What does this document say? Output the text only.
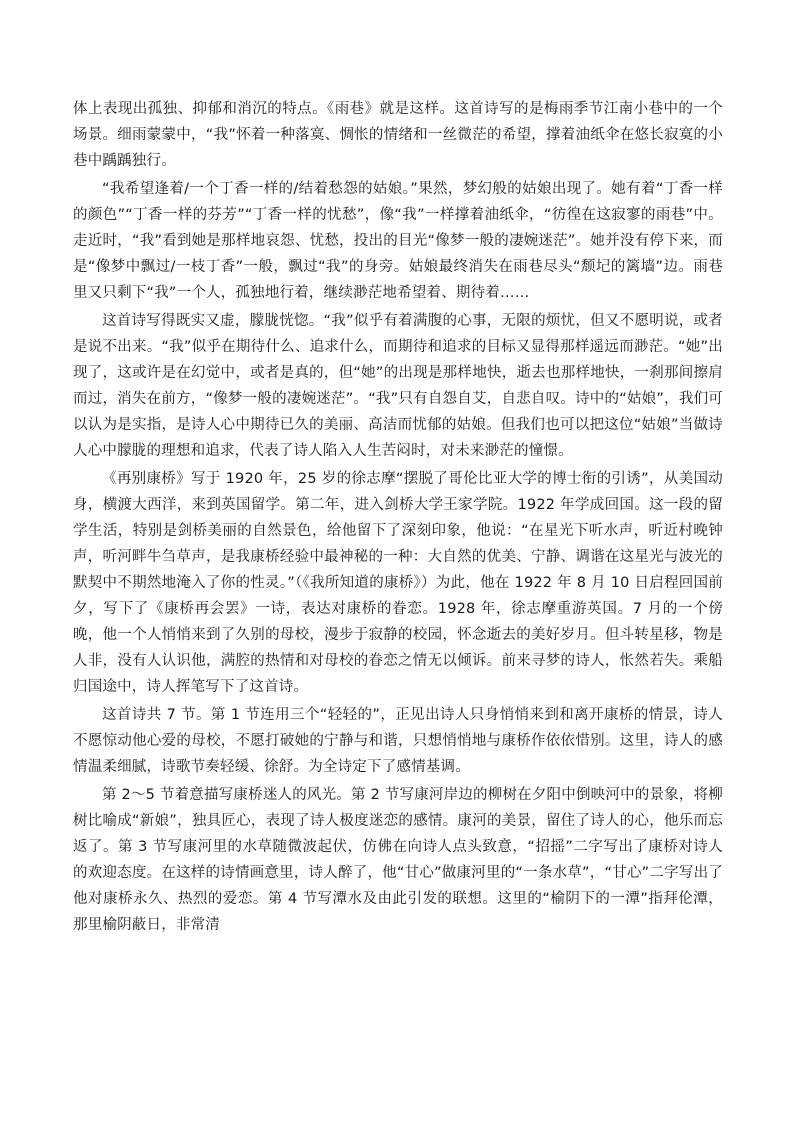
体上表现出孤独、抑郁和消沉的特点。《雨巷》就是这样。这首诗写的是梅雨季节江南小巷中的一个场景。细雨蒙蒙中，“我”怀着一种落寞、惆怅的情绪和一丝微茫的希望，撑着油纸伞在悠长寂寞的小巷中踽踽独行。

“我希望逢着/一个丁香一样的/结着愁怨的姑娘。”果然，梦幻般的姑娘出现了。她有着“丁香一样的颜色”“丁香一样的芬芳”“丁香一样的忧愁”，像“我”一样撑着油纸伞，“彷徨在这寂寥的雨巷”中。走近时，“我”看到她是那样地哀怨、忧愁，投出的目光“像梦一般的凄婉迷茫”。她并没有停下来，而是“像梦中飘过/一枝丁香”一般，飘过“我”的身旁。姑娘最终消失在雨巷尽头“颓圮的篱墙”边。雨巷里又只剩下“我”一个人，孤独地行着，继续渺茫地希望着、期待着……

这首诗写得既实又虚，朦胧恍惚。“我”似乎有着满腹的心事，无限的烦忧，但又不愿明说，或者是说不出来。“我”似乎在期待什么、追求什么，而期待和追求的目标又显得那样遥远而渺茫。“她”出现了，这或许是在幻觉中，或者是真的，但“她”的出现是那样地快，逝去也那样地快，一刹那间擦肩而过，消失在前方，“像梦一般的凄婉迷茫”。“我”只有自怨自艾，自悲自叹。诗中的“姑娘”，我们可以认为是实指，是诗人心中期待已久的美丽、高洁而忧郁的姑娘。但我们也可以把这位“姑娘”当做诗人心中朦胧的理想和追求，代表了诗人陷入人生苦闷时，对未来渺茫的憧憬。

《再别康桥》写于 1920 年，25 岁的徐志摩“摆脱了哥伦比亚大学的博士衔的引诱”，从美国动身，横渡大西洋，来到英国留学。第二年，进入剑桥大学王家学院。1922 年学成回国。这一段的留学生活，特别是剑桥美丽的自然景色，给他留下了深刻印象，他说：“在星光下听水声，听近村晚钟声，听河畔牛刍草声，是我康桥经验中最神秘的一种：大自然的优美、宁静、调谐在这星光与波光的默契中不期然地淹入了你的性灵。”（《我所知道的康桥》）为此，他在 1922 年 8 月 10 日启程回国前夕，写下了《康桥再会罢》一诗，表达对康桥的眷恋。1928 年，徐志摩重游英国。7 月的一个傍晚，他一个人悄悄来到了久别的母校，漫步于寂静的校园，怀念逝去的美好岁月。但斗转星移，物是人非，没有人认识他，满腔的热情和对母校的眷恋之情无以倾诉。前来寻梦的诗人，怅然若失。乘船归国途中，诗人挥笔写下了这首诗。

这首诗共 7 节。第 1 节连用三个“轻轻的”，正见出诗人只身悄悄来到和离开康桥的情景，诗人不愿惊动他心爱的母校，不愿打破她的宁静与和谐，只想悄悄地与康桥作依依惜别。这里，诗人的感情温柔细腻，诗歌节奏轻缓、徐舒。为全诗定下了感情基调。

第 2～5 节着意描写康桥迷人的风光。第 2 节写康河岸边的柳树在夕阳中倒映河中的景象，将柳树比喻成“新娘”，独具匠心，表现了诗人极度迷恋的感情。康河的美景，留住了诗人的心，他乐而忘返了。第 3 节写康河里的水草随微波起伏，仿佛在向诗人点头致意，“招摇”二字写出了康桥对诗人的欢迎态度。在这样的诗情画意里，诗人醉了，他“甘心”做康河里的“一条水草”，“甘心”二字写出了他对康桥永久、热烈的爱恋。第 4 节写潭水及由此引发的联想。这里的“榆阴下的一潭”指拜伦潭，那里榆阴蔽日，非常清
